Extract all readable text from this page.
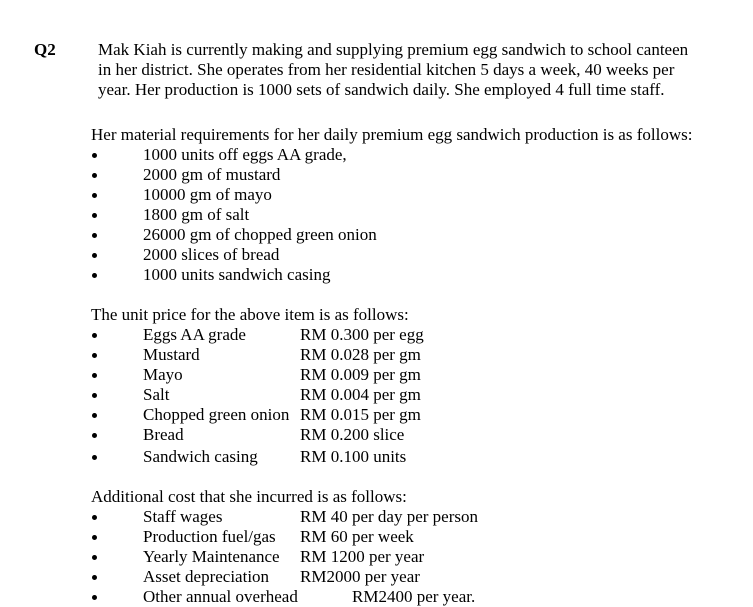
Q2 Mak Kiah is currently making and supplying premium egg sandwich to school canteen
in her district. She operates from her residential kitchen 5 days a week, 40 weeks per
year. Her production is 1000 sets of sandwich daily. She employed 4 full time staff.
Her material requirements for her daily premium egg sandwich production is as follows:
1000 units off eggs AA grade,
2000 gm of mustard
10000 gm of mayo
1800 gm of salt
26000 gm of chopped green onion
2000 slices of bread
1000 units sandwich casing
The unit price for the above item is as follows:
Eggs AA grade	RM 0.300 per egg
Mustard	RM 0.028 per gm
Mayo	RM 0.009 per gm
Salt	RM 0.004 per gm
Chopped green onion RM 0.015 per gm
Bread	RM 0.200 slice
Sandwich casing RM 0.100 units
Additional cost that she incurred is as follows:
Staff wages	RM 40 per day per person
Production fuel/gas RM 60 per week
Yearly Maintenance RM 1200 per year
Asset depreciation RM2000 per year
Other annual overhead	RM2400 per year.
